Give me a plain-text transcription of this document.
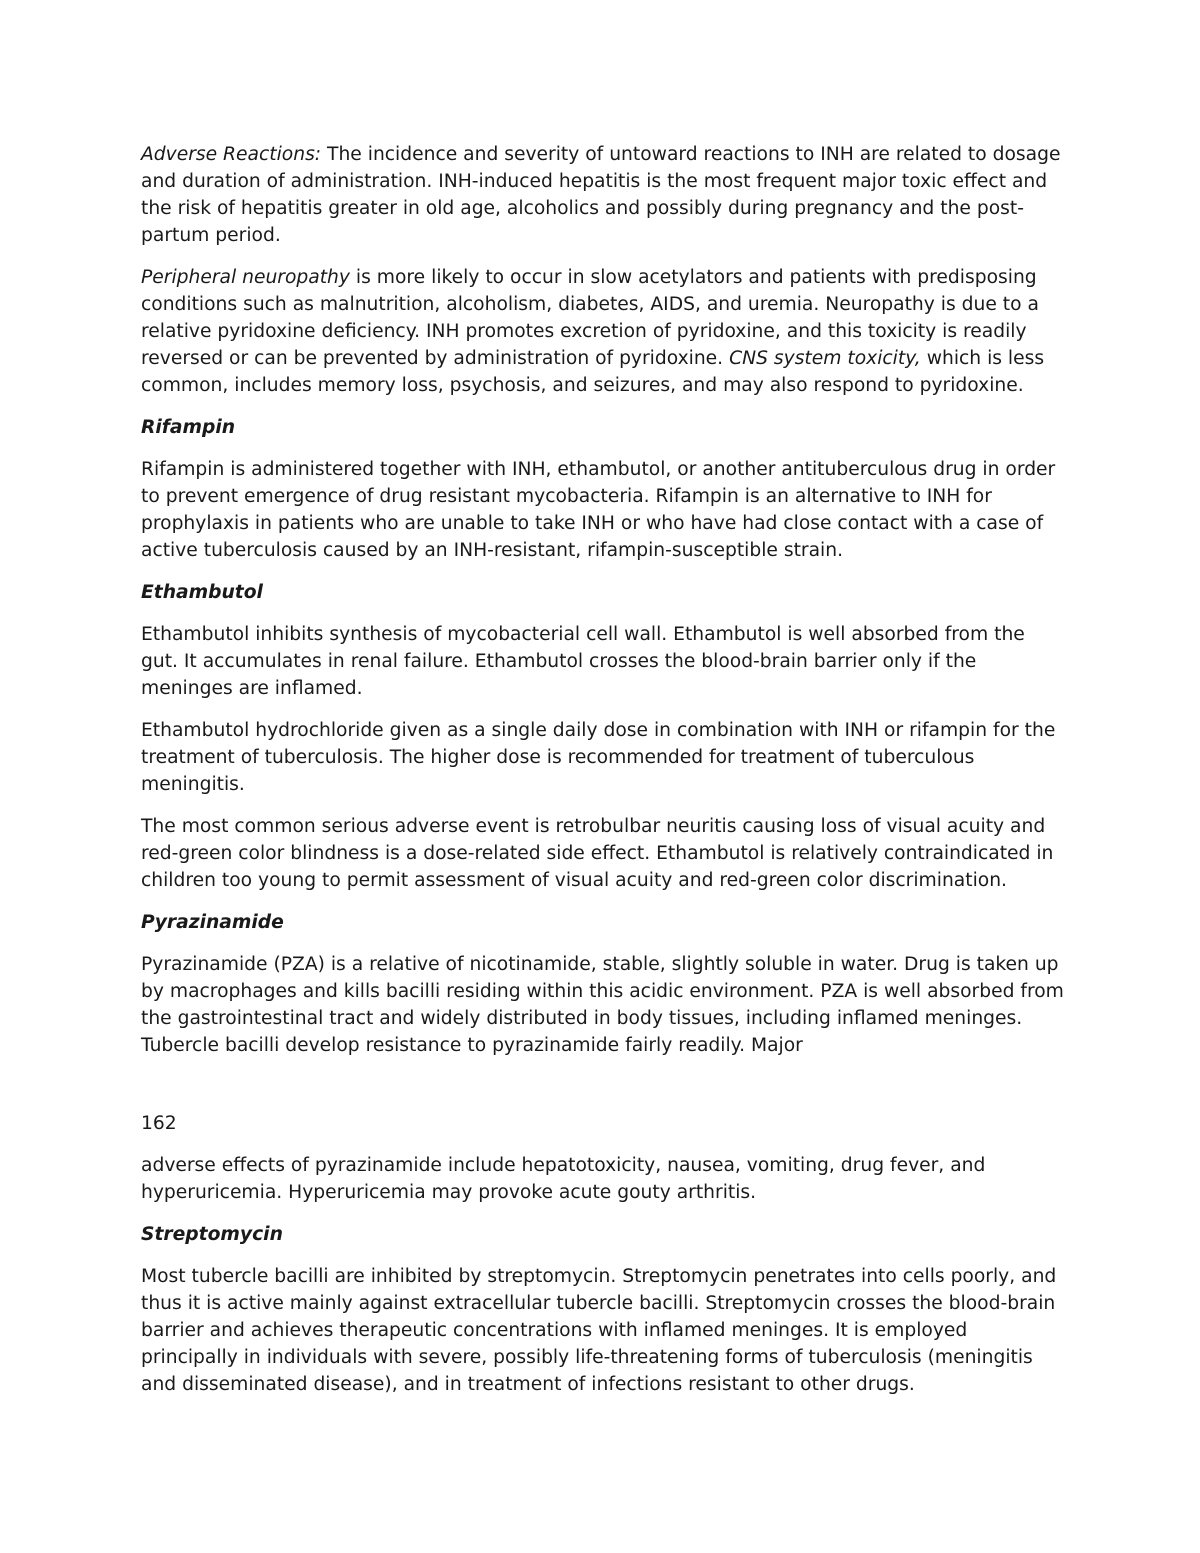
Adverse Reactions: The incidence and severity of untoward reactions to INH are related to dosage and duration of administration. INH-induced hepatitis is the most frequent major toxic effect and the risk of hepatitis greater in old age, alcoholics and possibly during pregnancy and the post-partum period.

Peripheral neuropathy is more likely to occur in slow acetylators and patients with predisposing conditions such as malnutrition, alcoholism, diabetes, AIDS, and uremia. Neuropathy is due to a relative pyridoxine deficiency. INH promotes excretion of pyridoxine, and this toxicity is readily reversed or can be prevented by administration of pyridoxine. CNS system toxicity, which is less common, includes memory loss, psychosis, and seizures, and may also respond to pyridoxine.

Rifampin

Rifampin is administered together with INH, ethambutol, or another antituberculous drug in order to prevent emergence of drug resistant mycobacteria. Rifampin is an alternative to INH for prophylaxis in patients who are unable to take INH or who have had close contact with a case of active tuberculosis caused by an INH-resistant, rifampin-susceptible strain.

Ethambutol

Ethambutol inhibits synthesis of mycobacterial cell wall. Ethambutol is well absorbed from the gut. It accumulates in renal failure. Ethambutol crosses the blood-brain barrier only if the meninges are inflamed.

Ethambutol hydrochloride given as a single daily dose in combination with INH or rifampin for the treatment of tuberculosis. The higher dose is recommended for treatment of tuberculous meningitis.

The most common serious adverse event is retrobulbar neuritis causing loss of visual acuity and red-green color blindness is a dose-related side effect. Ethambutol is relatively contraindicated in children too young to permit assessment of visual acuity and red-green color discrimination.

Pyrazinamide

Pyrazinamide (PZA) is a relative of nicotinamide, stable, slightly soluble in water. Drug is taken up by macrophages and kills bacilli residing within this acidic environment. PZA is well absorbed from the gastrointestinal tract and widely distributed in body tissues, including inflamed meninges. Tubercle bacilli develop resistance to pyrazinamide fairly readily. Major

162

adverse effects of pyrazinamide include hepatotoxicity, nausea, vomiting, drug fever, and hyperuricemia. Hyperuricemia may provoke acute gouty arthritis.

Streptomycin

Most tubercle bacilli are inhibited by streptomycin. Streptomycin penetrates into cells poorly, and thus it is active mainly against extracellular tubercle bacilli. Streptomycin crosses the blood-brain barrier and achieves therapeutic concentrations with inflamed meninges. It is employed principally in individuals with severe, possibly life-threatening forms of tuberculosis (meningitis and disseminated disease), and in treatment of infections resistant to other drugs.
